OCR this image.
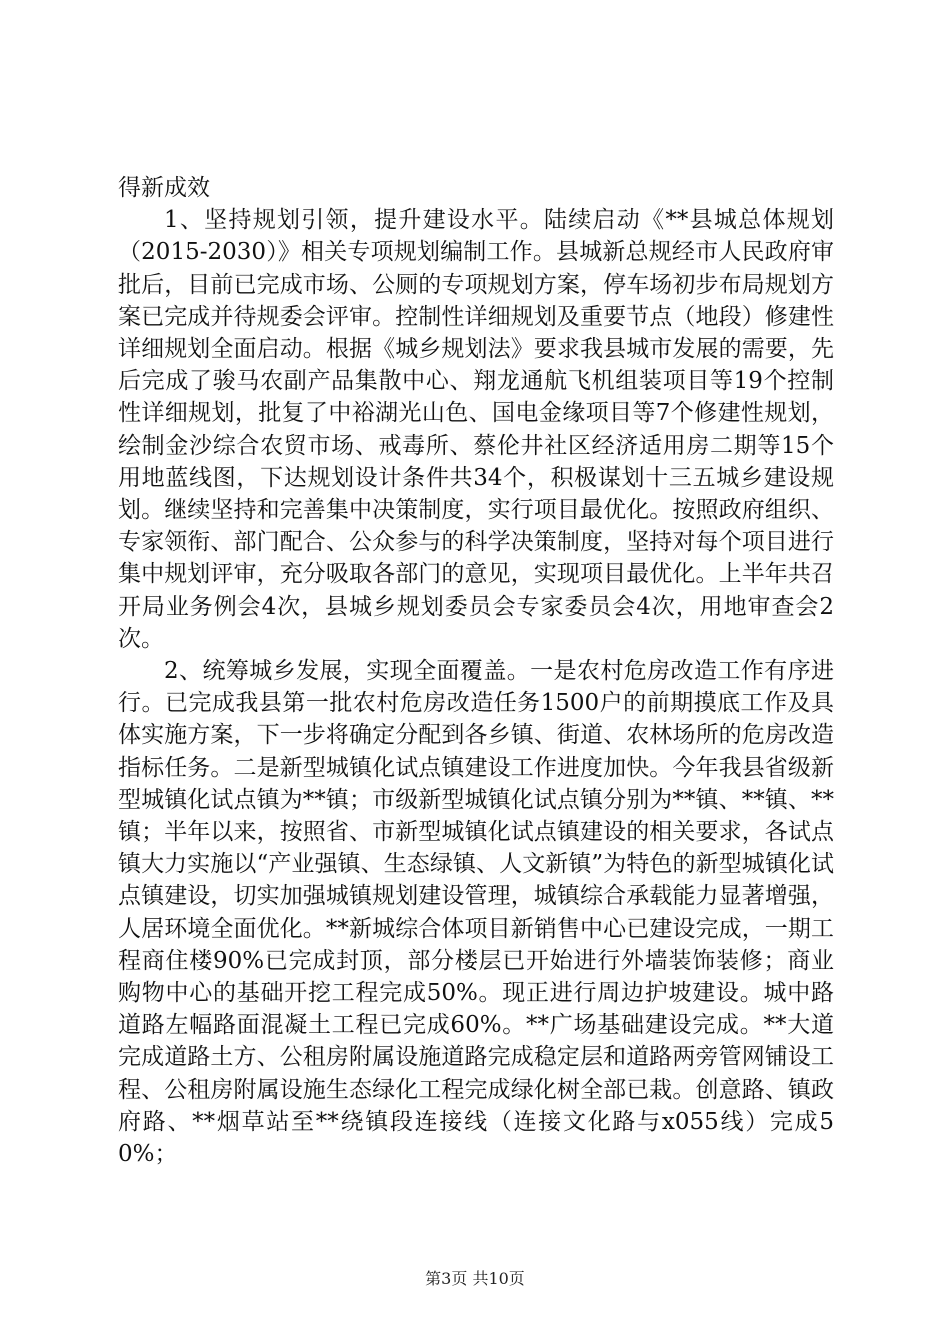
得新成效

1、坚持规划引领，提升建设水平。陆续启动《**县城总体规划（2015-2030）》相关专项规划编制工作。县城新总规经市人民政府审批后，目前已完成市场、公厕的专项规划方案，停车场初步布局规划方案已完成并待规委会评审。控制性详细规划及重要节点（地段）修建性详细规划全面启动。根据《城乡规划法》要求我县城市发展的需要，先后完成了骏马农副产品集散中心、翔龙通航飞机组装项目等19个控制性详细规划，批复了中裕湖光山色、国电金缘项目等7个修建性规划，绘制金沙综合农贸市场、戒毒所、蔡伦井社区经济适用房二期等15个用地蓝线图，下达规划设计条件共34个，积极谋划十三五城乡建设规划。继续坚持和完善集中决策制度，实行项目最优化。按照政府组织、专家领衔、部门配合、公众参与的科学决策制度，坚持对每个项目进行集中规划评审，充分吸取各部门的意见，实现项目最优化。上半年共召开局业务例会4次，县城乡规划委员会专家委员会4次，用地审查会2次。

2、统筹城乡发展，实现全面覆盖。一是农村危房改造工作有序进行。已完成我县第一批农村危房改造任务1500户的前期摸底工作及具体实施方案，下一步将确定分配到各乡镇、街道、农林场所的危房改造指标任务。二是新型城镇化试点镇建设工作进度加快。今年我县省级新型城镇化试点镇为**镇；市级新型城镇化试点镇分别为**镇、**镇、**镇；半年以来，按照省、市新型城镇化试点镇建设的相关要求，各试点镇大力实施以“产业强镇、生态绿镇、人文新镇”为特色的新型城镇化试点镇建设，切实加强城镇规划建设管理，城镇综合承载能力显著增强，人居环境全面优化。**新城综合体项目新销售中心已建设完成，一期工程商住楼90%已完成封顶，部分楼层已开始进行外墙装饰装修；商业购物中心的基础开挖工程完成50%。现正进行周边护坡建设。城中路道路左幅路面混凝土工程已完成60%。**广场基础建设完成。**大道完成道路土方、公租房附属设施道路完成稳定层和道路两旁管网铺设工程、公租房附属设施生态绿化工程完成绿化树全部已栽。创意路、镇政府路、**烟草站至**绕镇段连接线（连接文化路与x055线）完成50%；

第3页 共10页
